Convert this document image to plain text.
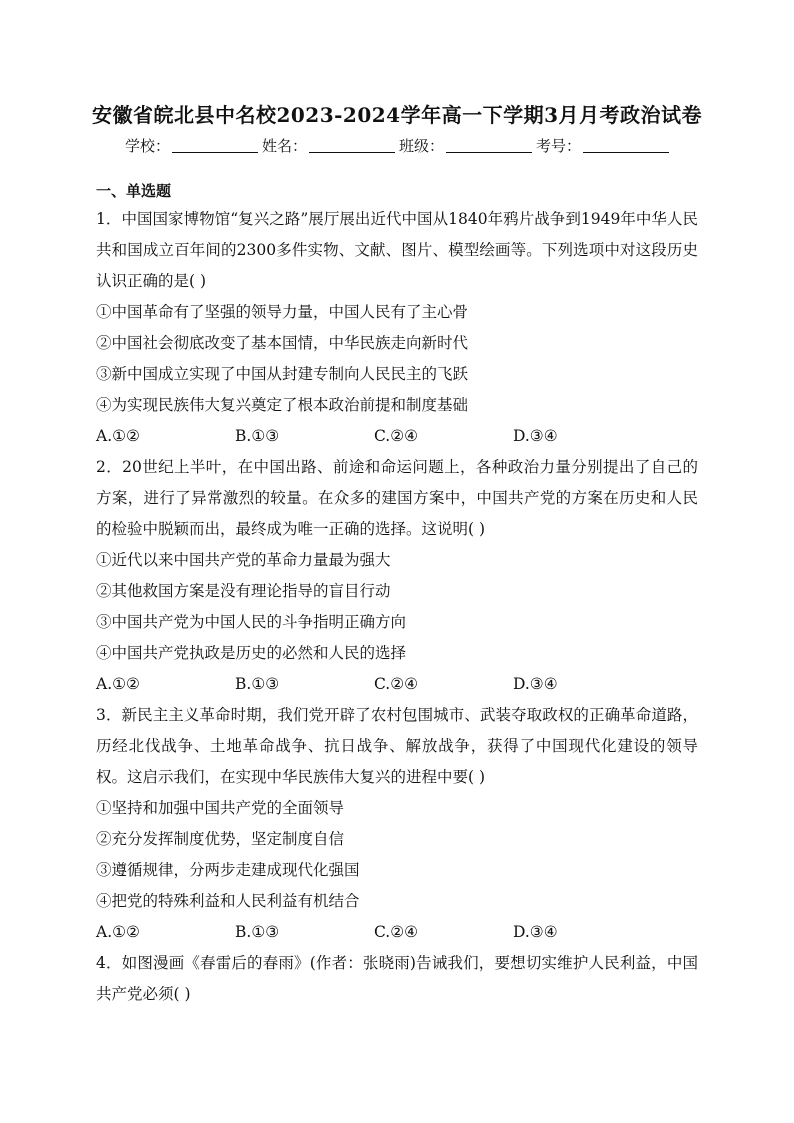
安徽省皖北县中名校2023-2024学年高一下学期3月月考政治试卷
学校：	姓名：	班级：	考号：
一、单选题
1．中国国家博物馆“复兴之路”展厅展出近代中国从1840年鸦片战争到1949年中华人民共和国成立百年间的2300多件实物、文献、图片、模型绘画等。下列选项中对这段历史认识正确的是( )
①中国革命有了坚强的领导力量，中国人民有了主心骨
②中国社会彻底改变了基本国情，中华民族走向新时代
③新中国成立实现了中国从封建专制向人民民主的飞跃
④为实现民族伟大复兴奠定了根本政治前提和制度基础
A.①②	B.①③	C.②④	D.③④
2．20世纪上半叶，在中国出路、前途和命运问题上，各种政治力量分别提出了自己的方案，进行了异常激烈的较量。在众多的建国方案中，中国共产党的方案在历史和人民的检验中脱颖而出，最终成为唯一正确的选择。这说明( )
①近代以来中国共产党的革命力量最为强大
②其他救国方案是没有理论指导的盲目行动
③中国共产党为中国人民的斗争指明正确方向
④中国共产党执政是历史的必然和人民的选择
A.①②	B.①③	C.②④	D.③④
3．新民主主义革命时期，我们党开辟了农村包围城市、武装夺取政权的正确革命道路，历经北伐战争、土地革命战争、抗日战争、解放战争，获得了中国现代化建设的领导权。这启示我们，在实现中华民族伟大复兴的进程中要( )
①坚持和加强中国共产党的全面领导
②充分发挥制度优势，坚定制度自信
③遵循规律，分两步走建成现代化强国
④把党的特殊利益和人民利益有机结合
A.①②	B.①③	C.②④	D.③④
4．如图漫画《春雷后的春雨》(作者：张晓雨)告诫我们，要想切实维护人民利益，中国共产党必须( )
